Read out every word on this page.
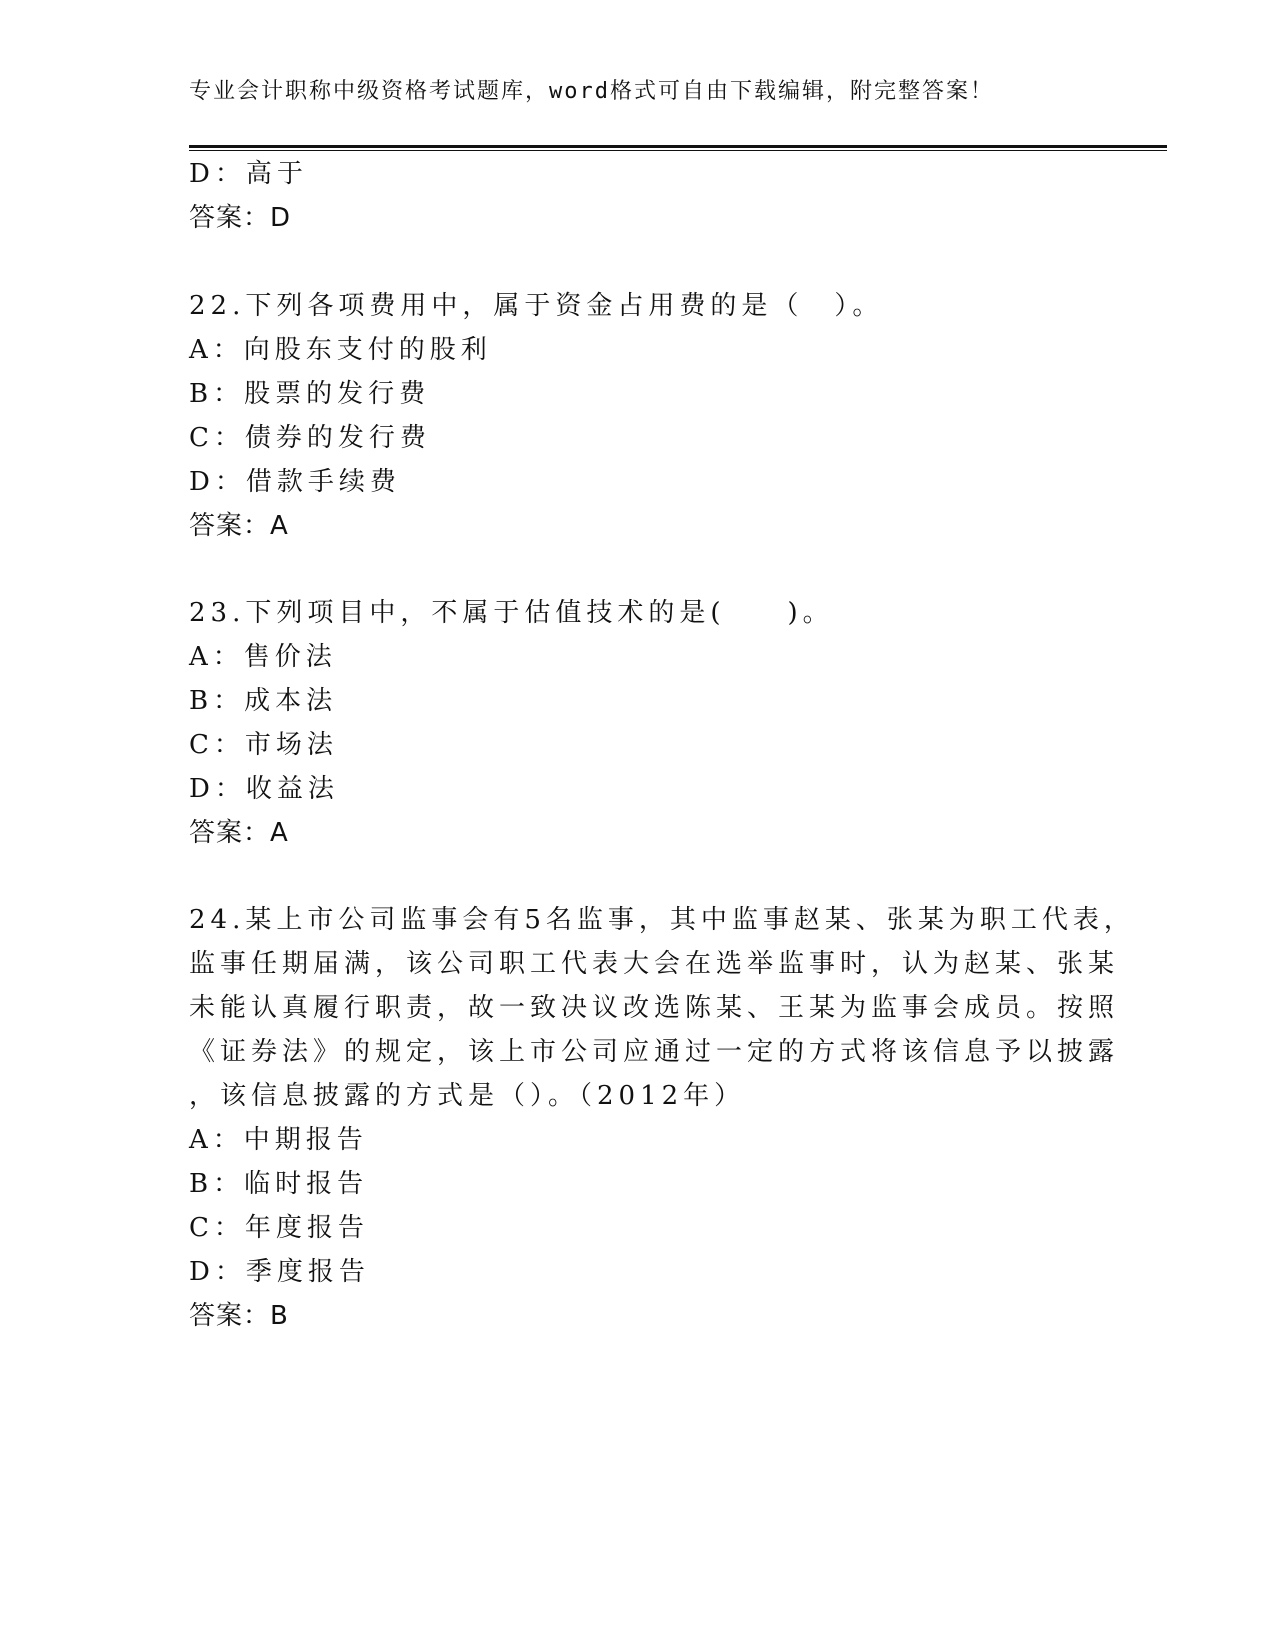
专业会计职称中级资格考试题库，word格式可自由下载编辑，附完整答案！
D：高于
答案：D
22.下列各项费用中，属于资金占用费的是（　）。
A：向股东支付的股利
B：股票的发行费
C：债券的发行费
D：借款手续费
答案：A
23.下列项目中，不属于估值技术的是(　　)。
A：售价法
B：成本法
C：市场法
D：收益法
答案：A
24.某上市公司监事会有5名监事，其中监事赵某、张某为职工代表，
监事任期届满，该公司职工代表大会在选举监事时，认为赵某、张某
未能认真履行职责，故一致决议改选陈某、王某为监事会成员。按照
《证券法》的规定，该上市公司应通过一定的方式将该信息予以披露
，该信息披露的方式是（）。（2012年）
A：中期报告
B：临时报告
C：年度报告
D：季度报告
答案：B
